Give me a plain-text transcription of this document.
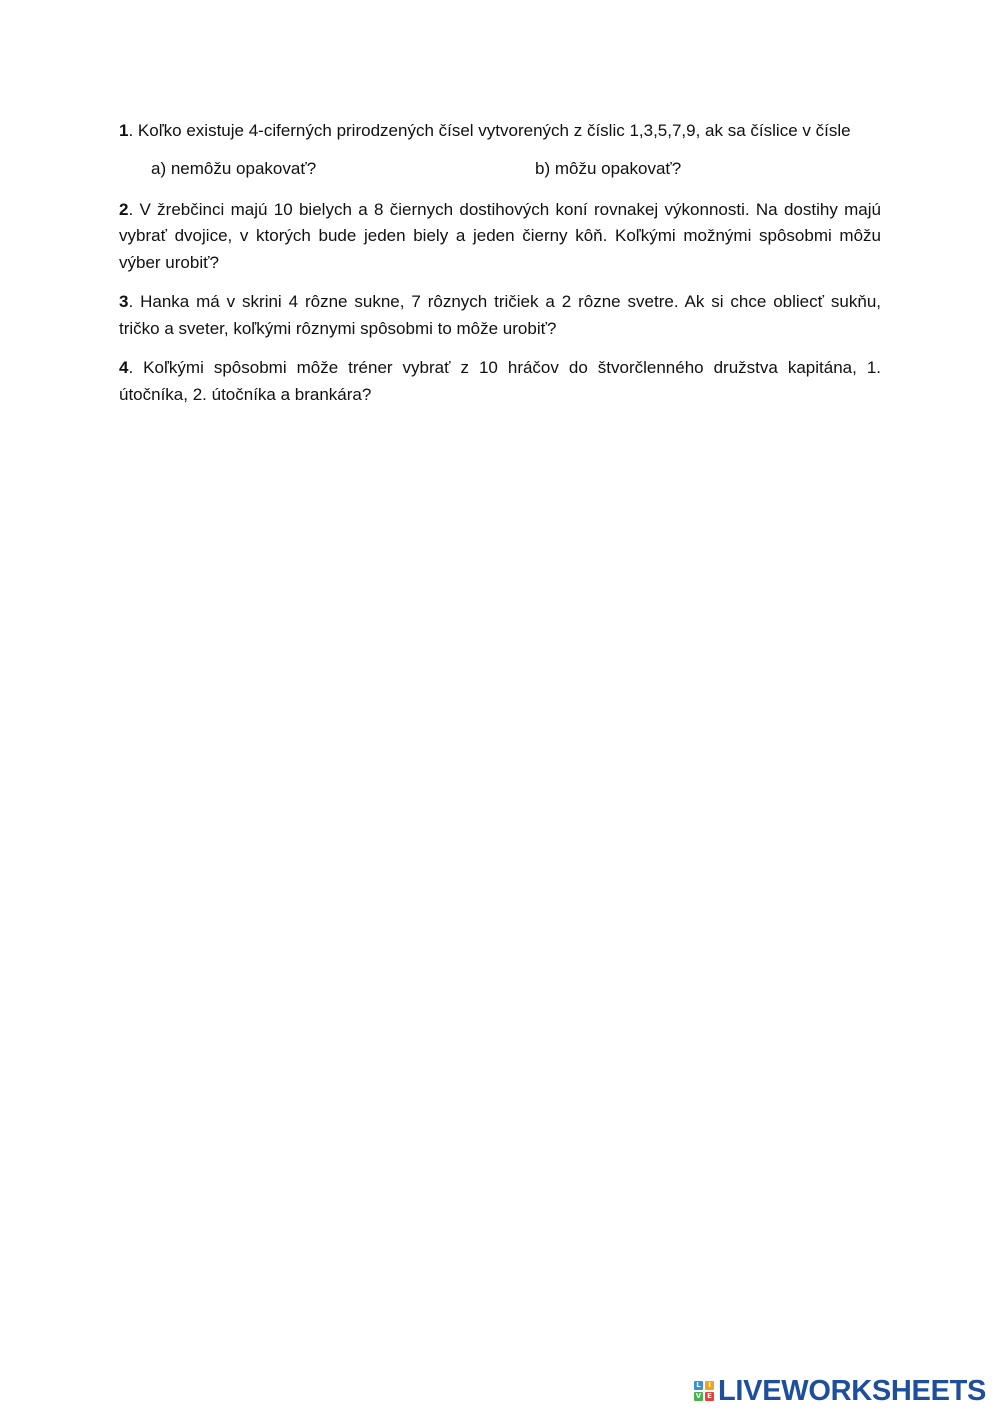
1. Koľko existuje 4-ciferných prirodzených čísel vytvorených z číslic 1,3,5,7,9, ak sa číslice v čísle

a) nemôžu opakovať?	b) môžu opakovať?

2. V žrebčinci majú 10 bielych a 8 čiernych dostihových koní rovnakej výkonnosti. Na dostihy majú vybrať dvojice, v ktorých bude jeden biely a jeden čierny kôň. Koľkými možnými spôsobmi môžu výber urobiť?

3. Hanka má v skrini 4 rôzne sukne, 7 rôznych tričiek a 2 rôzne svetre. Ak si chce obliecť sukňu, tričko a sveter, koľkými rôznymi spôsobmi to môže urobiť?

4. Koľkými spôsobmi môže tréner vybrať z 10 hráčov do štvorčlenného družstva kapitána, 1. útočníka, 2. útočníka a brankára?

L	I
V E LIVEWORKSHEETS
